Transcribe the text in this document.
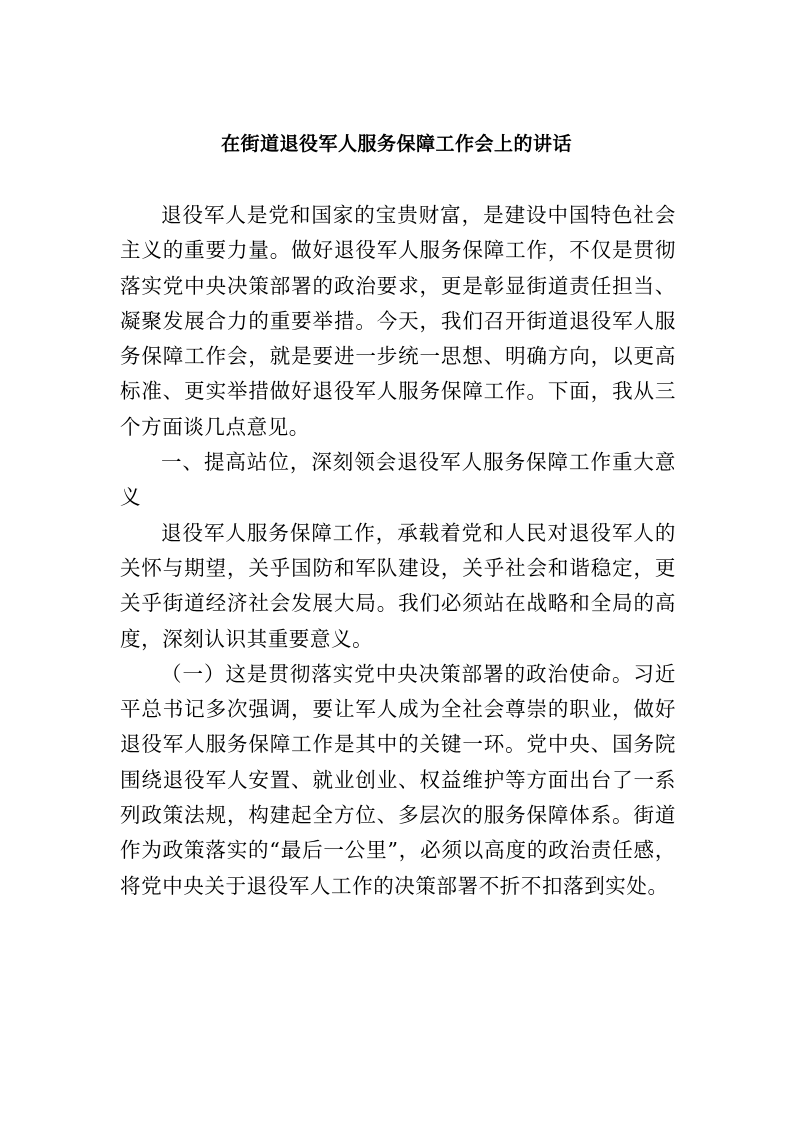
在街道退役军人服务保障工作会上的讲话

退役军人是党和国家的宝贵财富，是建设中国特色社会主义的重要力量。做好退役军人服务保障工作，不仅是贯彻落实党中央决策部署的政治要求，更是彰显街道责任担当、凝聚发展合力的重要举措。今天，我们召开街道退役军人服务保障工作会，就是要进一步统一思想、明确方向，以更高标准、更实举措做好退役军人服务保障工作。下面，我从三个方面谈几点意见。

一、提高站位，深刻领会退役军人服务保障工作重大意义

退役军人服务保障工作，承载着党和人民对退役军人的关怀与期望，关乎国防和军队建设，关乎社会和谐稳定，更关乎街道经济社会发展大局。我们必须站在战略和全局的高度，深刻认识其重要意义。

（一）这是贯彻落实党中央决策部署的政治使命。习近平总书记多次强调，要让军人成为全社会尊崇的职业，做好退役军人服务保障工作是其中的关键一环。党中央、国务院围绕退役军人安置、就业创业、权益维护等方面出台了一系列政策法规，构建起全方位、多层次的服务保障体系。街道作为政策落实的“最后一公里”，必须以高度的政治责任感，将党中央关于退役军人工作的决策部署不折不扣落到实处。
